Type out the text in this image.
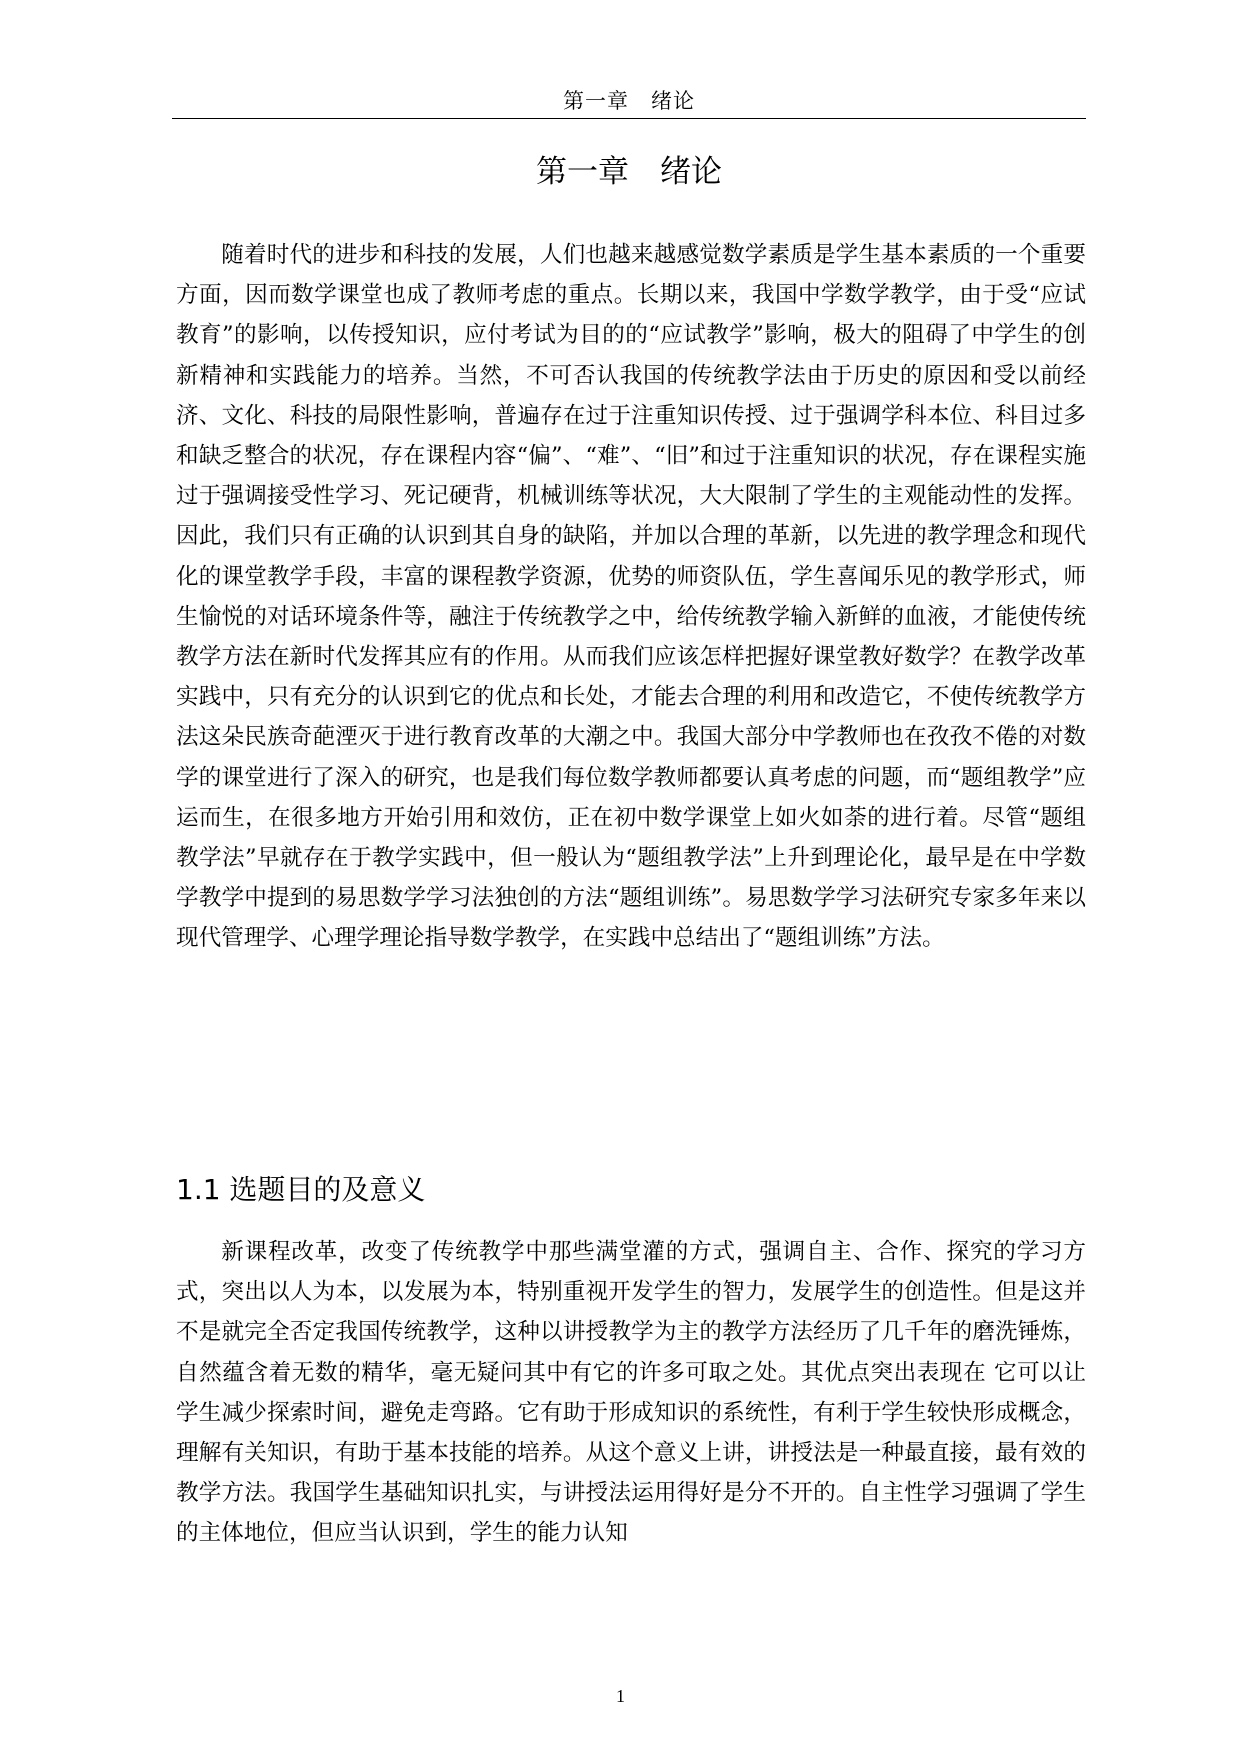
第一章　绪论
第一章　绪论

随着时代的进步和科技的发展，人们也越来越感觉数学素质是学生基本素质的一个重要方面，因而数学课堂也成了教师考虑的重点。长期以来，我国中学数学教学，由于受“应试教育”的影响，以传授知识，应付考试为目的的“应试教学”影响，极大的阻碍了中学生的创新精神和实践能力的培养。当然，不可否认我国的传统教学法由于历史的原因和受以前经济、文化、科技的局限性影响，普遍存在过于注重知识传授、过于强调学科本位、科目过多和缺乏整合的状况，存在课程内容“偏”、“难”、“旧”和过于注重知识的状况，存在课程实施过于强调接受性学习、死记硬背，机械训练等状况，大大限制了学生的主观能动性的发挥。因此，我们只有正确的认识到其自身的缺陷，并加以合理的革新，以先进的教学理念和现代化的课堂教学手段，丰富的课程教学资源，优势的师资队伍，学生喜闻乐见的教学形式，师生愉悦的对话环境条件等，融注于传统教学之中，给传统教学输入新鲜的血液，才能使传统教学方法在新时代发挥其应有的作用。从而我们应该怎样把握好课堂教好数学？在教学改革实践中，只有充分的认识到它的优点和长处，才能去合理的利用和改造它，不使传统教学方法这朵民族奇葩湮灭于进行教育改革的大潮之中。我国大部分中学教师也在孜孜不倦的对数学的课堂进行了深入的研究，也是我们每位数学教师都要认真考虑的问题，而“题组教学”应运而生，在很多地方开始引用和效仿，正在初中数学课堂上如火如荼的进行着。尽管“题组教学法”早就存在于教学实践中，但一般认为“题组教学法”上升到理论化，最早是在中学数学教学中提到的易思数学学习法独创的方法“题组训练”。易思数学学习法研究专家多年来以现代管理学、心理学理论指导数学教学，在实践中总结出了“题组训练”方法。

1.1 选题目的及意义

新课程改革，改变了传统教学中那些满堂灌的方式，强调自主、合作、探究的学习方式，突出以人为本，以发展为本，特别重视开发学生的智力，发展学生的创造性。但是这并不是就完全否定我国传统教学，这种以讲授教学为主的教学方法经历了几千年的磨洗锤炼，自然蕴含着无数的精华，毫无疑问其中有它的许多可取之处。其优点突出表现在 它可以让学生减少探索时间，避免走弯路。它有助于形成知识的系统性，有利于学生较快形成概念，理解有关知识，有助于基本技能的培养。从这个意义上讲，讲授法是一种最直接，最有效的教学方法。我国学生基础知识扎实，与讲授法运用得好是分不开的。自主性学习强调了学生的主体地位，但应当认识到，学生的能力认知

1
